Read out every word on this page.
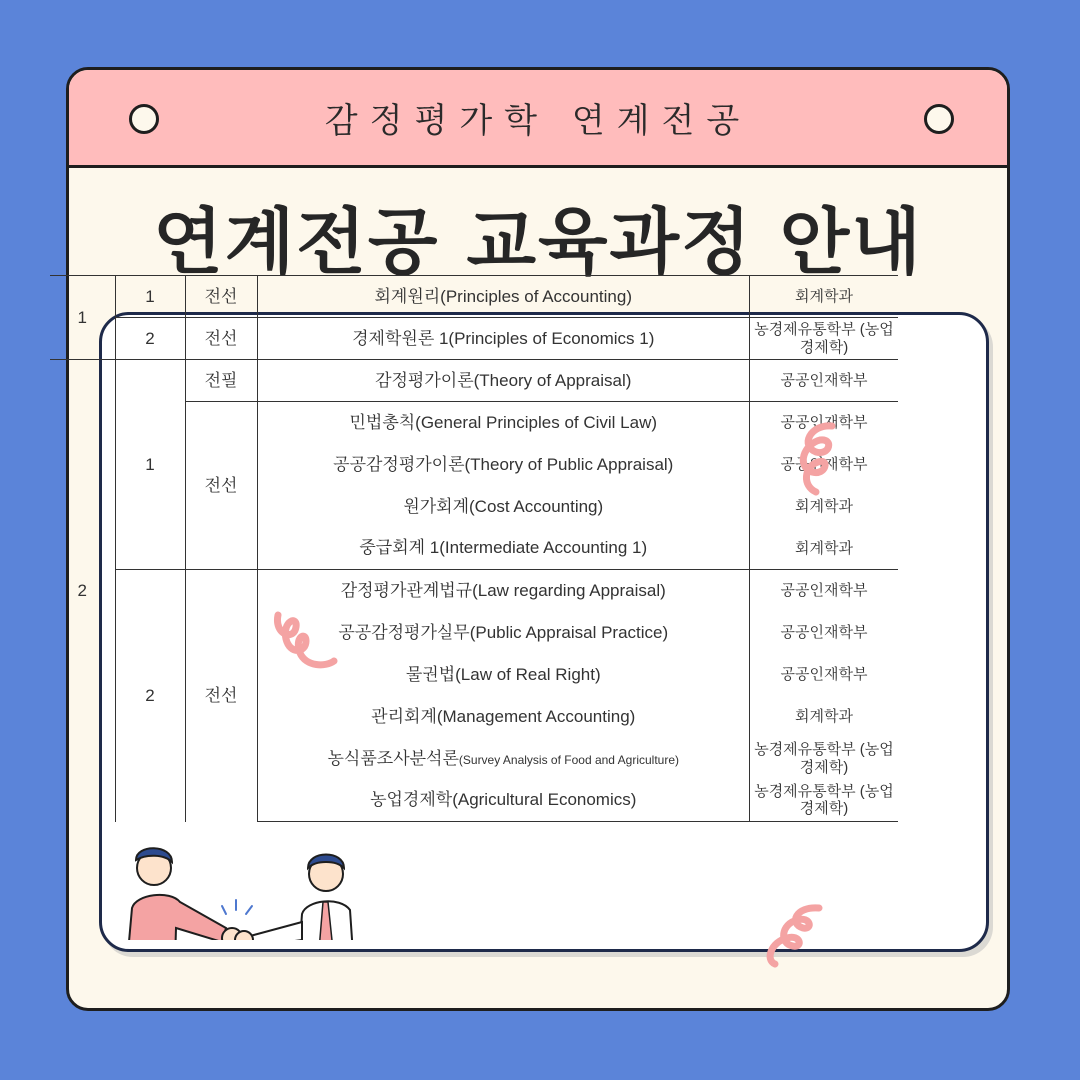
감정평가학 연계전공
연계전공 교육과정 안내
1	1	전선	회계원리(Principles of Accounting)	회계학과
	2	전선	경제학원론 1(Principles of Economics 1)	농경제유통학부 (농업경제학)
2	1	전필	감정평가이론(Theory of Appraisal)	공공인재학부
		전선	민법총칙(General Principles of Civil Law)	공공인재학부
			공공감정평가이론(Theory of Public Appraisal)	공공인재학부
			원가회계(Cost Accounting)	회계학과
			중급회계 1(Intermediate Accounting 1)	회계학과
	2	전선	감정평가관계법규(Law regarding Appraisal)	공공인재학부
			공공감정평가실무(Public Appraisal Practice)	공공인재학부
			물권법(Law of Real Right)	공공인재학부
			관리회계(Management Accounting)	회계학과
			농식품조사분석론(Survey Analysis of Food and Agriculture)	농경제유통학부 (농업경제학)
			농업경제학(Agricultural Economics)	농경제유통학부 (농업경제학)
